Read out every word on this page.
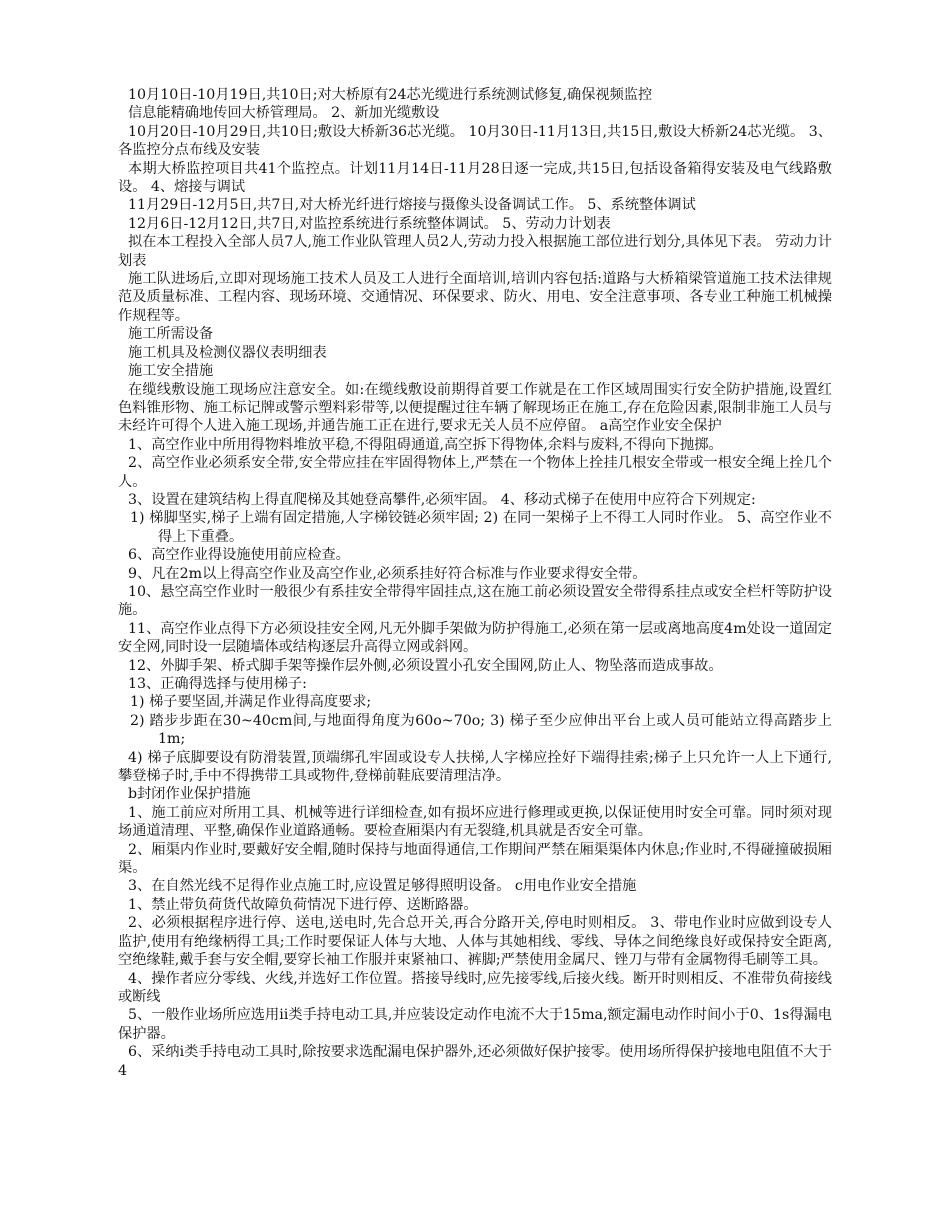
10月10日-10月19日,共10日;对大桥原有24芯光缆进行系统测试修复,确保视频监控

信息能精确地传回大桥管理局。 2、新加光缆敷设

10月20日-10月29日,共10日;敷设大桥新36芯光缆。 10月30日-11月13日,共15日,敷设大桥新24芯光缆。 3、各监控分点布线及安装

本期大桥监控项目共41个监控点。计划11月14日-11月28日逐一完成,共15日,包括设备箱得安装及电气线路敷设。 4、熔接与调试

11月29日-12月5日,共7日,对大桥光纤进行熔接与摄像头设备调试工作。 5、系统整体调试

12月6日-12月12日,共7日,对监控系统进行系统整体调试。 5、劳动力计划表

拟在本工程投入全部人员7人,施工作业队管理人员2人,劳动力投入根据施工部位进行划分,具体见下表。 劳动力计划表

施工队进场后,立即对现场施工技术人员及工人进行全面培训,培训内容包括:道路与大桥箱梁管道施工技术法律规范及质量标准、工程内容、现场环境、交通情况、环保要求、防火、用电、安全注意事项、各专业工种施工机械操作规程等。

施工所需设备

施工机具及检测仪器仪表明细表

施工安全措施

在缆线敷设施工现场应注意安全。如:在缆线敷设前期得首要工作就是在工作区域周围实行安全防护措施,设置红色料锥形物、施工标记牌或警示塑料彩带等,以便提醒过往车辆了解现场正在施工,存在危险因素,限制非施工人员与未经许可得个人进入施工现场,并通告施工正在进行,要求无关人员不应停留。 a高空作业安全保护

1、高空作业中所用得物料堆放平稳,不得阻碍通道,高空拆下得物体,余料与废料,不得向下抛掷。

2、高空作业必须系安全带,安全带应挂在牢固得物体上,严禁在一个物体上拴挂几根安全带或一根安全绳上拴几个人。

3、设置在建筑结构上得直爬梯及其她登高攀件,必须牢固。 4、移动式梯子在使用中应符合下列规定:

1) 梯脚坚实,梯子上端有固定措施,人字梯铰链必须牢固; 2) 在同一架梯子上不得工人同时作业。 5、高空作业不得上下重叠。

6、高空作业得设施使用前应检查。

9、凡在2m以上得高空作业及高空作业,必须系挂好符合标准与作业要求得安全带。

10、悬空高空作业时一般很少有系挂安全带得牢固挂点,这在施工前必须设置安全带得系挂点或安全栏杆等防护设施。

11、高空作业点得下方必须设挂安全网,凡无外脚手架做为防护得施工,必须在第一层或离地高度4m处设一道固定安全网,同时设一层随墙体或结构逐层升高得立网或斜网。

12、外脚手架、桥式脚手架等操作层外侧,必须设置小孔安全围网,防止人、物坠落而造成事故。

13、正确得选择与使用梯子:

1) 梯子要坚固,并满足作业得高度要求;

2) 踏步步距在30~40cm间,与地面得角度为60o~70o; 3) 梯子至少应伸出平台上或人员可能站立得高踏步上1m;

4) 梯子底脚要设有防滑装置,顶端绑孔牢固或设专人扶梯,人字梯应拴好下端得挂索;梯子上只允许一人上下通行,攀登梯子时,手中不得携带工具或物件,登梯前鞋底要清理洁净。

b封闭作业保护措施

1、施工前应对所用工具、机械等进行详细检查,如有损坏应进行修理或更换,以保证使用时安全可靠。同时须对现场通道清理、平整,确保作业道路通畅。要检查厢渠内有无裂缝,机具就是否安全可靠。

2、厢渠内作业时,要戴好安全帽,随时保持与地面得通信,工作期间严禁在厢渠渠体内休息;作业时,不得碰撞破损厢渠。

3、在自然光线不足得作业点施工时,应设置足够得照明设备。 c用电作业安全措施

1、禁止带负荷货代故障负荷情况下进行停、送断路器。

2、必须根据程序进行停、送电,送电时,先合总开关,再合分路开关,停电时则相反。 3、带电作业时应做到设专人监护,使用有绝缘柄得工具;工作时要保证人体与大地、人体与其她相线、零线、导体之间绝缘良好或保持安全距离,空绝缘鞋,戴手套与安全帽,要穿长袖工作服并束紧袖口、裤脚;严禁使用金属尺、锉刀与带有金属物得毛刷等工具。

4、操作者应分零线、火线,并选好工作位置。搭接导线时,应先接零线,后接火线。断开时则相反、不准带负荷接线或断线

5、一般作业场所应选用ⅱ类手持电动工具,并应装设定动作电流不大于15ma,额定漏电动作时间小于0、1s得漏电保护器。

6、采纳ⅰ类手持电动工具时,除按要求选配漏电保护器外,还必须做好保护接零。使用场所得保护接地电阻值不大于4
